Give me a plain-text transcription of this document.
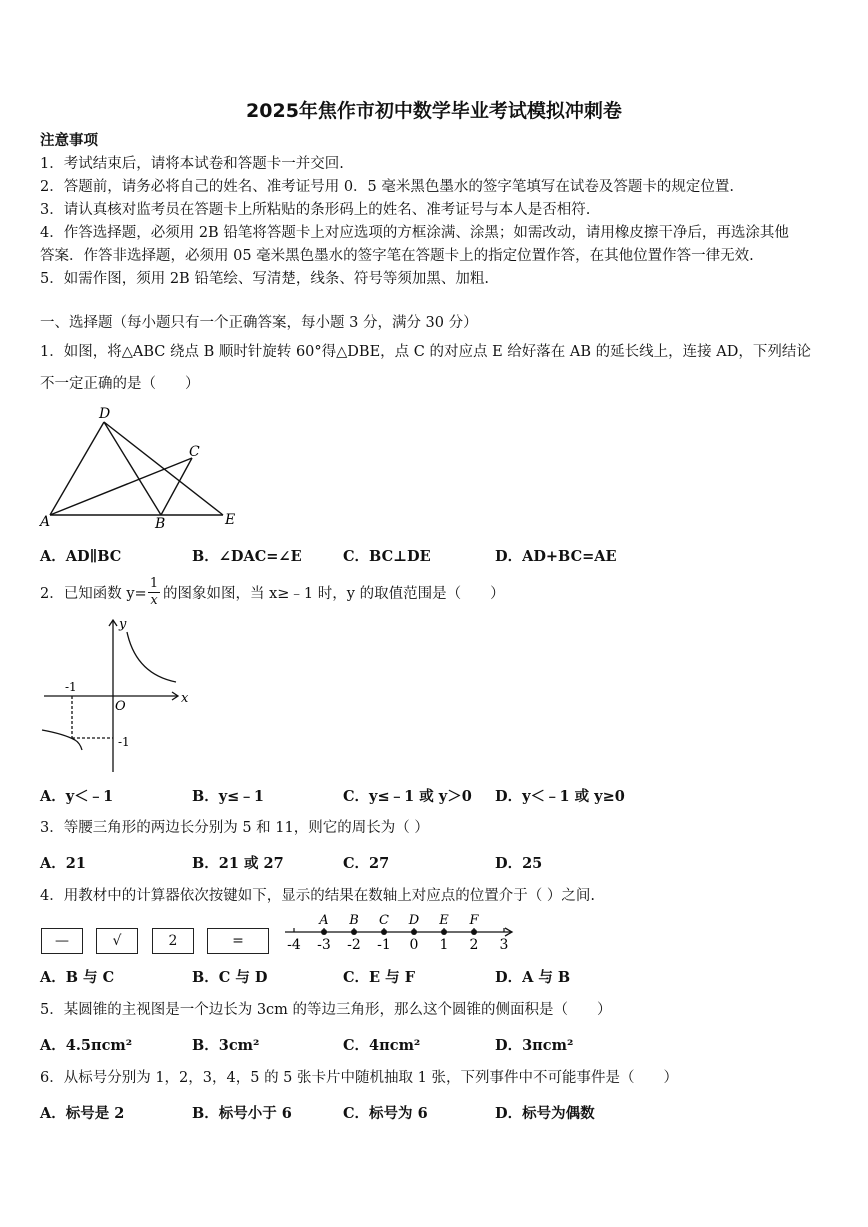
2025年焦作市初中数学毕业考试模拟冲刺卷
注意事项
1．考试结束后，请将本试卷和答题卡一并交回.
2．答题前，请务必将自己的姓名、准考证号用 0．5 毫米黑色墨水的签字笔填写在试卷及答题卡的规定位置.
3．请认真核对监考员在答题卡上所粘贴的条形码上的姓名、准考证号与本人是否相符.
4．作答选择题，必须用 2B 铅笔将答题卡上对应选项的方框涂满、涂黑；如需改动，请用橡皮擦干净后，再选涂其他
答案．作答非选择题，必须用 05 毫米黑色墨水的签字笔在答题卡上的指定位置作答，在其他位置作答一律无效.
5．如需作图，须用 2B 铅笔绘、写清楚，线条、符号等须加黑、加粗.
一、选择题（每小题只有一个正确答案，每小题 3 分，满分 30 分）
1．如图，将△ABC 绕点 B 顺时针旋转 60°得△DBE，点 C 的对应点 E 给好落在 AB 的延长线上，连接 AD，下列结论
不一定正确的是（　　）
D
C
A	B	E
A．AD∥BC	B．∠DAC=∠E	C．BC⊥DE	D．AD+BC=AE
2．已知函数 $y= \frac{1}{x}$ 的图象如图，当 x≥﹣1 时，y 的取值范围是（　　）
y
x
O
-1
-1
A．y＜﹣1	B．y≤﹣1	C．y≤﹣1 或 y＞0 D．y＜﹣1 或 y≥0
3．等腰三角形的两边长分别为 5 和 11，则它的周长为（ ）
A．21	B．21 或 27	C．27	D．25
4．用教材中的计算器依次按键如下，显示的结果在数轴上对应点的位置介于（ ）之间.
—	√	2	=	-4 -3 -2 -1 0 1 2 3
A B C D E F
A．B 与 C	B．C 与 D	C．E 与 F	D．A 与 B
5．某圆锥的主视图是一个边长为 3cm 的等边三角形，那么这个圆锥的侧面积是（　　）
A．4.5πcm²	B．3cm²	C．4πcm²	D．3πcm²
6．从标号分别为 1，2，3，4，5 的 5 张卡片中随机抽取 1 张，下列事件中不可能事件是（　　）
A．标号是 2	B．标号小于 6	C．标号为 6	D．标号为偶数
